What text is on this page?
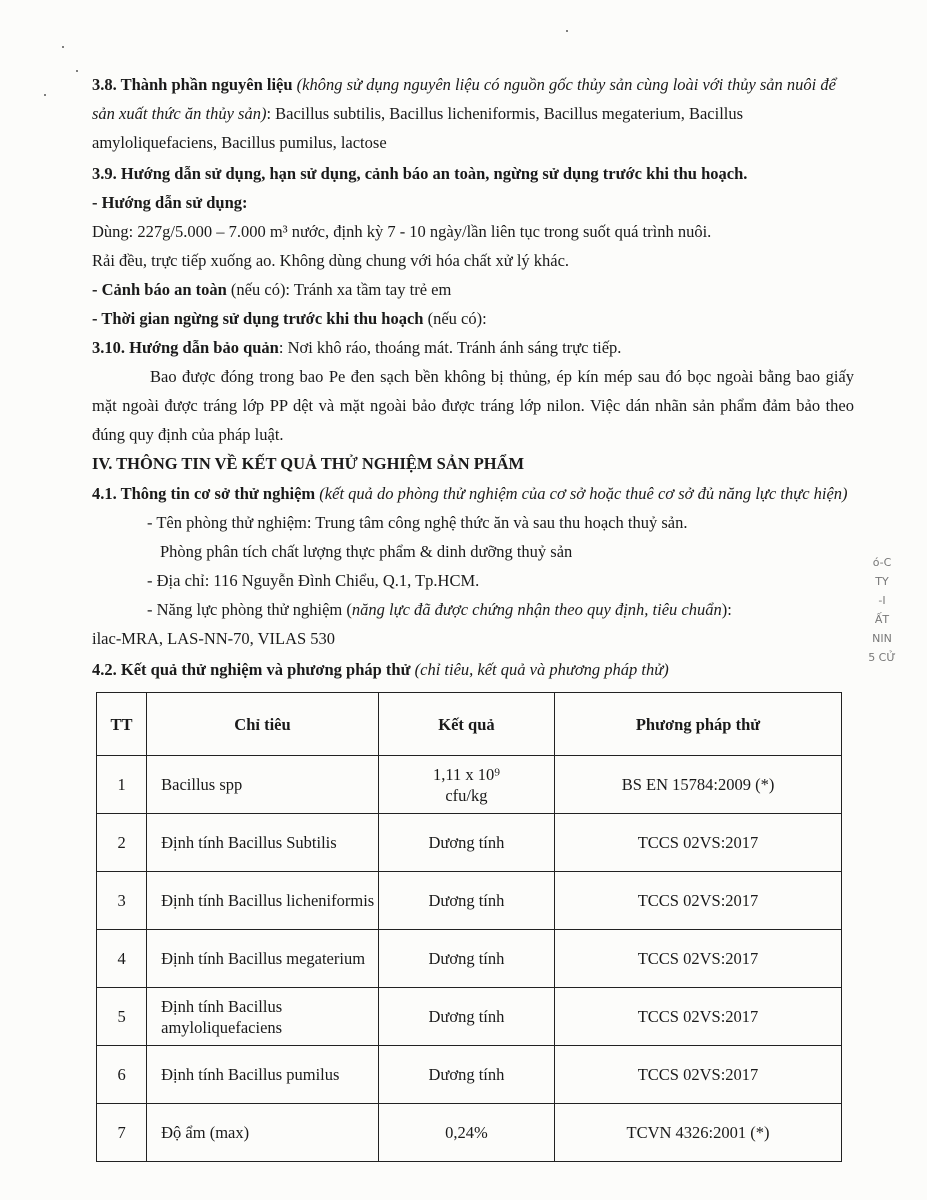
3.8. Thành phần nguyên liệu (không sử dụng nguyên liệu có nguồn gốc thủy sản cùng loài với thủy sản nuôi để sản xuất thức ăn thủy sản): Bacillus subtilis, Bacillus licheniformis, Bacillus megaterium, Bacillus amyloliquefaciens, Bacillus pumilus, lactose

3.9. Hướng dẫn sử dụng, hạn sử dụng, cảnh báo an toàn, ngừng sử dụng trước khi thu hoạch.

- Hướng dẫn sử dụng:

Dùng: 227g/5.000 – 7.000 m³ nước, định kỳ 7 - 10 ngày/lần liên tục trong suốt quá trình nuôi.

Rải đều, trực tiếp xuống ao. Không dùng chung với hóa chất xử lý khác.

- Cảnh báo an toàn (nếu có): Tránh xa tầm tay trẻ em

- Thời gian ngừng sử dụng trước khi thu hoạch (nếu có):

3.10. Hướng dẫn bảo quản: Nơi khô ráo, thoáng mát. Tránh ánh sáng trực tiếp.

Bao được đóng trong bao Pe đen sạch bền không bị thủng, ép kín mép sau đó bọc ngoài bằng bao giấy mặt ngoài được tráng lớp PP dệt và mặt ngoài bảo được tráng lớp nilon. Việc dán nhãn sản phẩm đảm bảo theo đúng quy định của pháp luật.

IV. THÔNG TIN VỀ KẾT QUẢ THỬ NGHIỆM SẢN PHẨM

4.1. Thông tin cơ sở thử nghiệm (kết quả do phòng thử nghiệm của cơ sở hoặc thuê cơ sở đủ năng lực thực hiện)

- Tên phòng thử nghiệm: Trung tâm công nghệ thức ăn và sau thu hoạch thuỷ sản.

Phòng phân tích chất lượng thực phẩm & dinh dưỡng thuỷ sản

- Địa chỉ: 116 Nguyễn Đình Chiểu, Q.1, Tp.HCM.

- Năng lực phòng thử nghiệm (năng lực đã được chứng nhận theo quy định, tiêu chuẩn):

ilac-MRA, LAS-NN-70, VILAS 530

4.2. Kết quả thử nghiệm và phương pháp thử (chỉ tiêu, kết quả và phương pháp thử)

TT	Chỉ tiêu	Kết quả	Phương pháp thử
1	Bacillus spp	1,11 x 10⁹ cfu/kg	BS EN 15784:2009 (*)
2	Định tính Bacillus Subtilis	Dương tính	TCCS 02VS:2017
3	Định tính Bacillus licheniformis	Dương tính	TCCS 02VS:2017
4	Định tính Bacillus megaterium	Dương tính	TCCS 02VS:2017
5	Định tính Bacillus amyloliquefaciens	Dương tính	TCCS 02VS:2017
6	Định tính Bacillus pumilus	Dương tính	TCCS 02VS:2017
7	Độ ẩm (max)	0,24%	TCVN 4326:2001 (*)
ó-C
TY
-I
ẤT
NIN
5 CỬ
